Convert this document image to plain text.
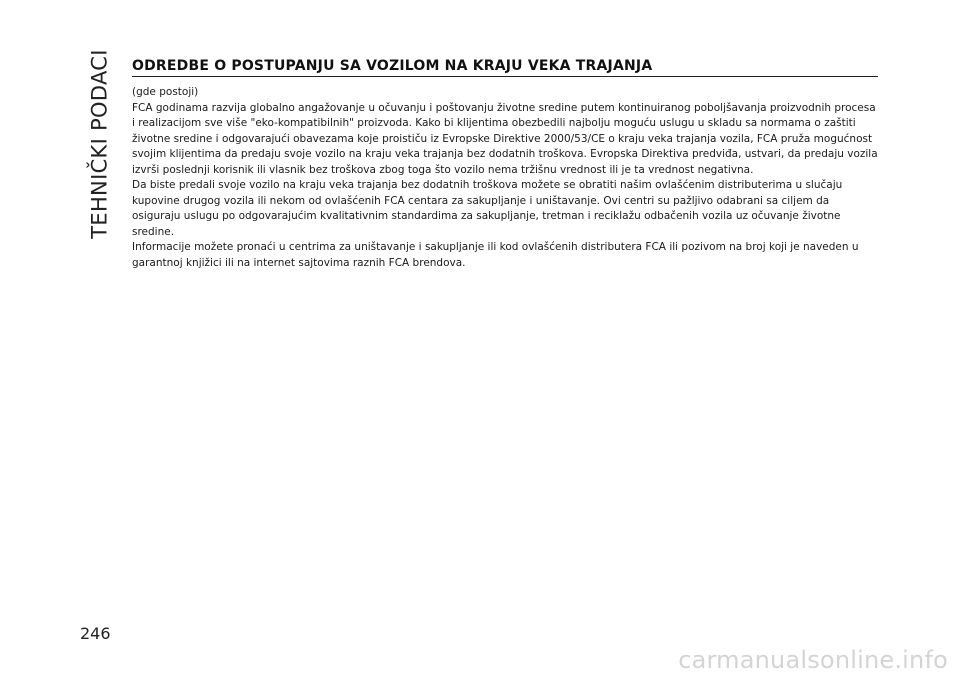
TEHNIČKI PODACI ODREDBE O POSTUPANJU SA VOZILOM NA KRAJU VEKA TRAJANJA

(gde postoji)

FCA godinama razvija globalno angažovanje u očuvanju i poštovanju životne sredine putem kontinuiranog poboljšavanja proizvodnih procesa i realizacijom sve više "eko-kompatibilnih" proizvoda. Kako bi klijentima obezbedili najbolju moguću uslugu u skladu sa normama o zaštiti životne sredine i odgovarajući obavezama koje proističu iz Evropske Direktive 2000/53/CE o kraju veka trajanja vozila, FCA pruža mogućnost svojim klijentima da predaju svoje vozilo na kraju veka trajanja bez dodatnih troškova. Evropska Direktiva predviđa, ustvari, da predaju vozila izvrši poslednji korisnik ili vlasnik bez troškova zbog toga što vozilo nema tržišnu vrednost ili je ta vrednost negativna.

Da biste predali svoje vozilo na kraju veka trajanja bez dodatnih troškova možete se obratiti našim ovlašćenim distributerima u slučaju kupovine drugog vozila ili nekom od ovlašćenih FCA centara za sakupljanje i uništavanje. Ovi centri su pažljivo odabrani sa ciljem da osiguraju uslugu po odgovarajućim kvalitativnim standardima za sakupljanje, tretman i reciklažu odbačenih vozila uz očuvanje životne sredine.

Informacije možete pronaći u centrima za uništavanje i sakupljanje ili kod ovlašćenih distributera FCA ili pozivom na broj koji je naveden u garantnoj knjižici ili na internet sajtovima raznih FCA brendova.

246
carmanualsonline.info
